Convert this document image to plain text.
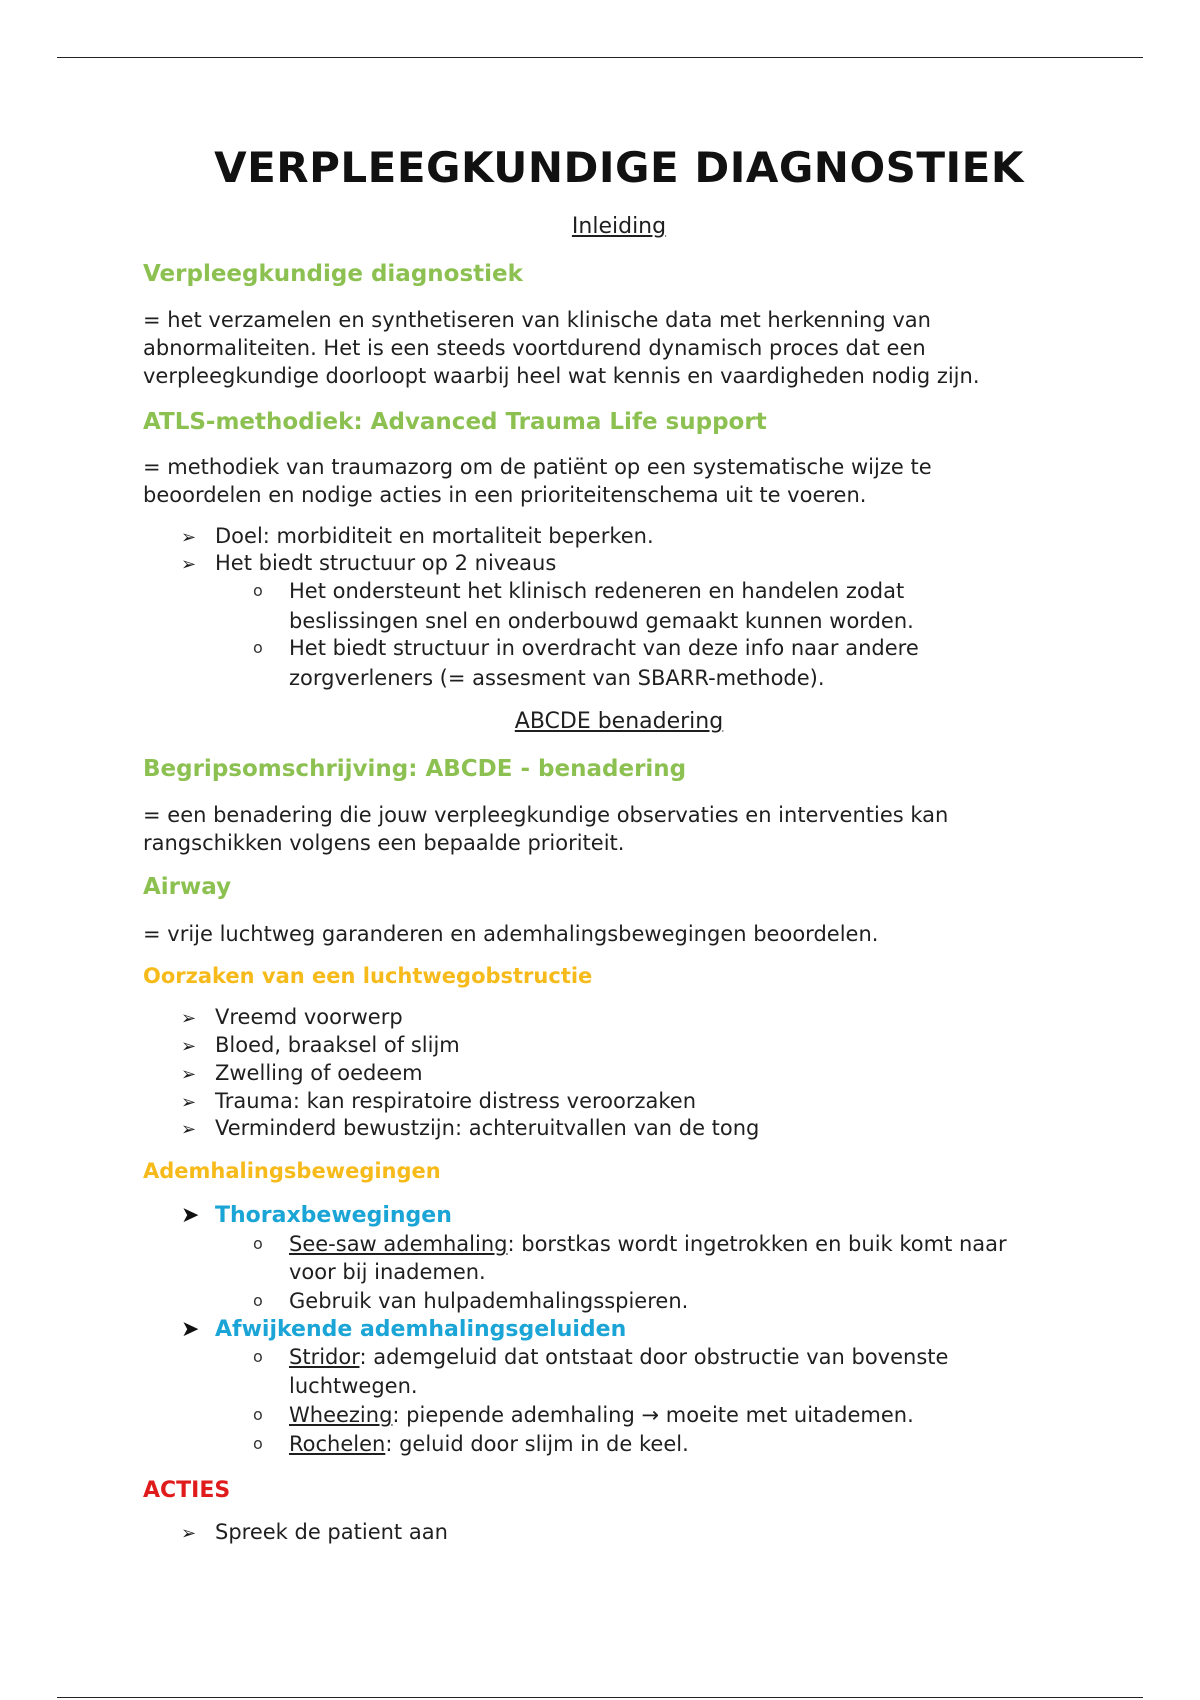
VERPLEEGKUNDIGE DIAGNOSTIEK
Inleiding
Verpleegkundige diagnostiek
= het verzamelen en synthetiseren van klinische data met herkenning van
abnormaliteiten. Het is een steeds voortdurend dynamisch proces dat een
verpleegkundige doorloopt waarbij heel wat kennis en vaardigheden nodig zijn.
ATLS-methodiek: Advanced Trauma Life support
= methodiek van traumazorg om de patiënt op een systematische wijze te
beoordelen en nodige acties in een prioriteitenschema uit te voeren.
➢ Doel: morbiditeit en mortaliteit beperken.
➢ Het biedt structuur op 2 niveaus
o Het ondersteunt het klinisch redeneren en handelen zodat
beslissingen snel en onderbouwd gemaakt kunnen worden.
o Het biedt structuur in overdracht van deze info naar andere
zorgverleners (= assesment van SBARR-methode).
ABCDE benadering
Begripsomschrijving: ABCDE - benadering
= een benadering die jouw verpleegkundige observaties en interventies kan
rangschikken volgens een bepaalde prioriteit.
Airway
= vrije luchtweg garanderen en ademhalingsbewegingen beoordelen.
Oorzaken van een luchtwegobstructie
➢ Vreemd voorwerp
➢ Bloed, braaksel of slijm
➢ Zwelling of oedeem
➢ Trauma: kan respiratoire distress veroorzaken
➢ Verminderd bewustzijn: achteruitvallen van de tong
Ademhalingsbewegingen
➤ Thoraxbewegingen
o See-saw ademhaling: borstkas wordt ingetrokken en buik komt naar
voor bij inademen.
o Gebruik van hulpademhalingsspieren.
➤ Afwijkende ademhalingsgeluiden
o Stridor: ademgeluid dat ontstaat door obstructie van bovenste
luchtwegen.
o Wheezing: piepende ademhaling → moeite met uitademen.
o Rochelen: geluid door slijm in de keel.
ACTIES
➢ Spreek de patient aan
